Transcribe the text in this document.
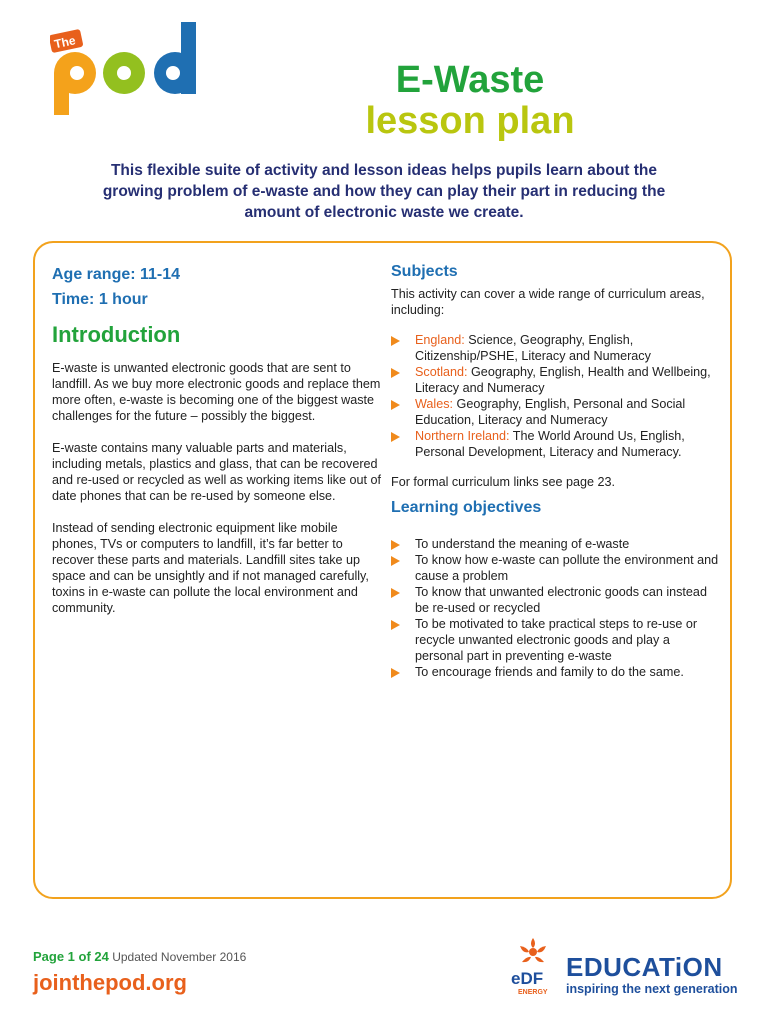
The
E-Waste
lesson plan
This flexible suite of activity and lesson ideas helps pupils learn about the growing problem of e-waste and how they can play their part in reducing the amount of electronic waste we create.
Age range: 11-14
Time: 1 hour
Introduction

E-waste is unwanted electronic goods that are sent to landfill. As we buy more electronic goods and replace them more often, e-waste is becoming one of the biggest waste challenges for the future – possibly the biggest.

E-waste contains many valuable parts and materials, including metals, plastics and glass, that can be recovered and re-used or recycled as well as working items like out of date phones that can be re-used by someone else.

Instead of sending electronic equipment like mobile phones, TVs or computers to landfill, it’s far better to recover these parts and materials. Landfill sites take up space and can be unsightly and if not managed carefully, toxins in e-waste can pollute the local environment and community.

Subjects

This activity can cover a wide range of curriculum areas, including:

England: Science, Geography, English, Citizenship/PSHE, Literacy and Numeracy
Scotland: Geography, English, Health and Wellbeing, Literacy and Numeracy
Wales: Geography, English, Personal and Social Education, Literacy and Numeracy
Northern Ireland: The World Around Us, English, Personal Development, Literacy and Numeracy.

For formal curriculum links see page 23.

Learning objectives
To understand the meaning of e-waste
To know how e-waste can pollute the environment and cause a problem
To know that unwanted electronic goods can instead be re-used or recycled
To be motivated to take practical steps to re-use or recycle unwanted electronic goods and play a personal part in preventing e-waste
To encourage friends and family to do the same.
Page 1 of 24 Updated November 2016
jointhepod.org	eDF
ENERGY
EDUCATiON
inspiring the next generation
